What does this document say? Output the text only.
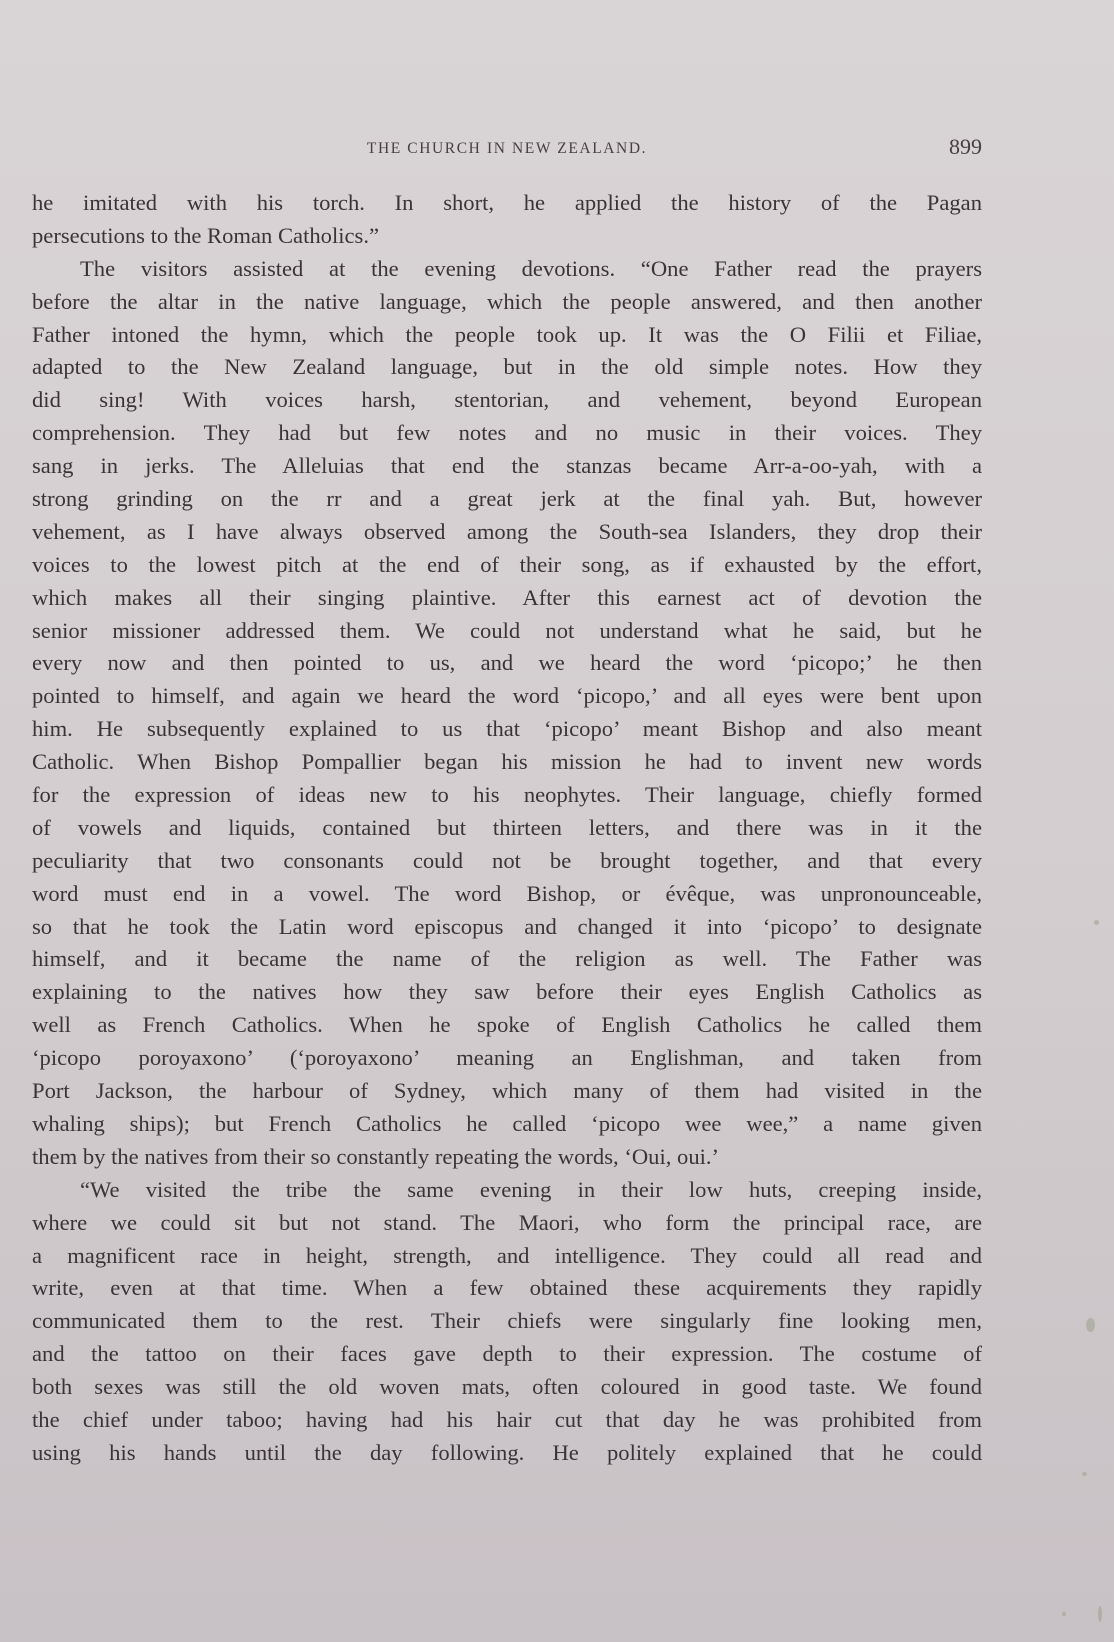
THE CHURCH IN NEW ZEALAND.	899
he imitated with his torch. In short, he applied the history of the Pagan
persecutions to the Roman Catholics.”
The visitors assisted at the evening devotions. “One Father read the prayers
before the altar in the native language, which the people answered, and then another
Father intoned the hymn, which the people took up. It was the O Filii et Filiae,
adapted to the New Zealand language, but in the old simple notes. How they
did sing! With voices harsh, stentorian, and vehement, beyond European
comprehension. They had but few notes and no music in their voices. They
sang in jerks. The Alleluias that end the stanzas became Arr-a-oo-yah, with a
strong grinding on the rr and a great jerk at the final yah. But, however
vehement, as I have always observed among the South-sea Islanders, they drop their
voices to the lowest pitch at the end of their song, as if exhausted by the effort,
which makes all their singing plaintive. After this earnest act of devotion the
senior missioner addressed them. We could not understand what he said, but he
every now and then pointed to us, and we heard the word ‘picopo;’ he then
pointed to himself, and again we heard the word ‘picopo,’ and all eyes were bent upon
him. He subsequently explained to us that ‘picopo’ meant Bishop and also meant
Catholic. When Bishop Pompallier began his mission he had to invent new words
for the expression of ideas new to his neophytes. Their language, chiefly formed
of vowels and liquids, contained but thirteen letters, and there was in it the
peculiarity that two consonants could not be brought together, and that every
word must end in a vowel. The word Bishop, or évêque, was unpronounceable,
so that he took the Latin word episcopus and changed it into ‘picopo’ to designate
himself, and it became the name of the religion as well. The Father was
explaining to the natives how they saw before their eyes English Catholics as
well as French Catholics. When he spoke of English Catholics he called them
‘picopo poroyaxono’ (‘poroyaxono’ meaning an Englishman, and taken from
Port Jackson, the harbour of Sydney, which many of them had visited in the
whaling ships); but French Catholics he called ‘picopo wee wee,” a name given
them by the natives from their so constantly repeating the words, ‘Oui, oui.’
“We visited the tribe the same evening in their low huts, creeping inside,
where we could sit but not stand. The Maori, who form the principal race, are
a magnificent race in height, strength, and intelligence. They could all read and
write, even at that time. When a few obtained these acquirements they rapidly
communicated them to the rest. Their chiefs were singularly fine looking men,
and the tattoo on their faces gave depth to their expression. The costume of
both sexes was still the old woven mats, often coloured in good taste. We found
the chief under taboo; having had his hair cut that day he was prohibited from
using his hands until the day following. He politely explained that he could
